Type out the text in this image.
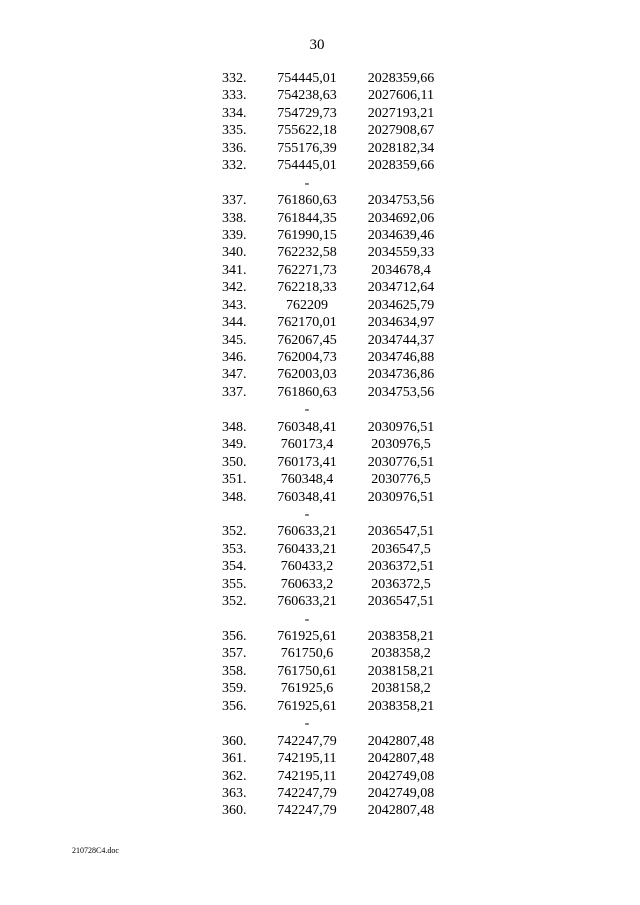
30
332.	754445,01	2028359,66
333.	754238,63	2027606,11
334.	754729,73	2027193,21
335.	755622,18	2027908,67
336.	755176,39	2028182,34
332.	754445,01	2028359,66
-
337.	761860,63	2034753,56
338.	761844,35	2034692,06
339.	761990,15	2034639,46
340.	762232,58	2034559,33
341.	762271,73	2034678,4
342.	762218,33	2034712,64
343.	762209	2034625,79
344.	762170,01	2034634,97
345.	762067,45	2034744,37
346.	762004,73	2034746,88
347.	762003,03	2034736,86
337.	761860,63	2034753,56
-
348.	760348,41	2030976,51
349.	760173,4	2030976,5
350.	760173,41	2030776,51
351.	760348,4	2030776,5
348.	760348,41	2030976,51
-
352.	760633,21	2036547,51
353.	760433,21	2036547,5
354.	760433,2	2036372,51
355.	760633,2	2036372,5
352.	760633,21	2036547,51
-
356.	761925,61	2038358,21
357.	761750,6	2038358,2
358.	761750,61	2038158,21
359.	761925,6	2038158,2
356.	761925,61	2038358,21
-
360.	742247,79	2042807,48
361.	742195,11	2042807,48
362.	742195,11	2042749,08
363.	742247,79	2042749,08
360.	742247,79	2042807,48
210728C4.doc
